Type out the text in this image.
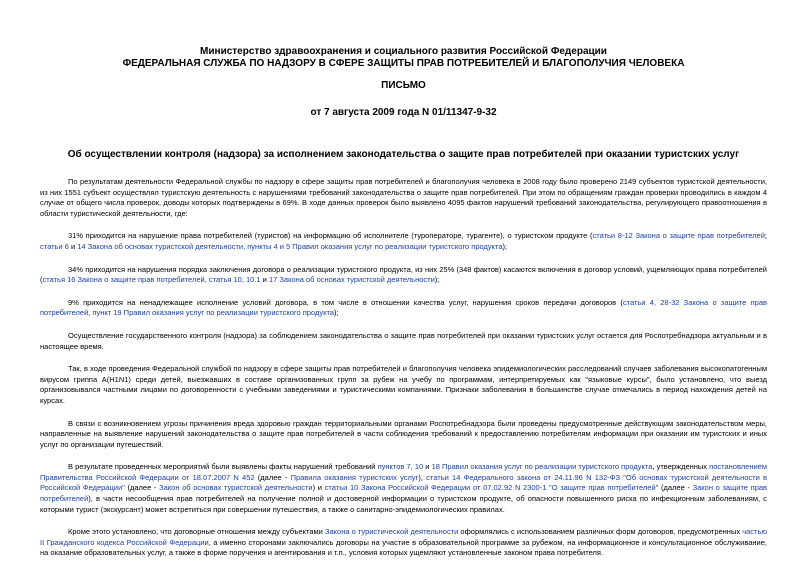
Министерство здравоохранения и социального развития Российской Федерации
ФЕДЕРАЛЬНАЯ СЛУЖБА ПО НАДЗОРУ В СФЕРЕ ЗАЩИТЫ ПРАВ ПОТРЕБИТЕЛЕЙ И БЛАГОПОЛУЧИЯ ЧЕЛОВЕКА
ПИСЬМО
от 7 августа 2009 года N 01/11347-9-32
Об осуществлении контроля (надзора) за исполнением законодательства о защите прав потребителей при оказании туристских услуг

По результатам деятельности Федеральной службы по надзору в сфере защиты прав потребителей и благополучия человека в 2008 году было проверено 2149 субъектов туристской деятельности, из них 1551 субъект осуществлял туристскую деятельность с нарушениями требований законодательства о защите прав потребителей. При этом по обращениям граждан проверки проводились в каждом 4 случае от общего числа проверок, доводы которых подтверждены в 69%. В ходе данных проверок было выявлено 4095 фактов нарушений требований законодательства, регулирующего правоотношения в области туристической деятельности, где:

31% приходится на нарушение права потребителей (туристов) на информацию об исполнителе (туроператоре, турагенте), о туристском продукте (статьи 8-12 Закона о защите прав потребителей; статьи 6 и 14 Закона об основах туристской деятельности, пункты 4 и 5 Правил оказания услуг по реализации туристского продукта);

34% приходится на нарушения порядка заключения договора о реализации туристского продукта, из них 25% (348 фактов) касаются включения в договор условий, ущемляющих права потребителей (статья 16 Закона о защите прав потребителей, статья 10, 10.1 и 17 Закона об основах туристской деятельности);

9% приходится на ненадлежащее исполнение условий договора, в том числе в отношении качества услуг, нарушения сроков передачи договоров (статьи 4, 28-32 Закона о защите прав потребителей, пункт 19 Правил оказания услуг по реализации туристского продукта);

Осуществление государственного контроля (надзора) за соблюдением законодательства о защите прав потребителей при оказании туристских услуг остается для Роспотребнадзора актуальным и в настоящее время.

Так, в ходе проведения Федеральной службой по надзору в сфере защиты прав потребителей и благополучия человека эпидемиологических расследований случаев заболевания высокопатогенным вирусом гриппа А(H1N1) среди детей, выезжавших в составе организованных групп за рубеж на учебу по программам, интерпретируемых как "языковые курсы", было установлено, что выезд организовывался частными лицами по договоренности с учебными заведениями и туристическими компаниями. Признаки заболевания в большинстве случае отмечались в период нахождения детей на курсах.

В связи с возникновением угрозы причинения вреда здоровью граждан территориальными органами Роспотребнадзора были проведены предусмотренные действующим законодательством меры, направленные на выявление нарушений законодательства о защите прав потребителей в части соблюдения требований к предоставлению потребителям информации при оказании им туристских и иных услуг по организации путешествий.

В результате проведенных мероприятий были выявлены факты нарушений требований пунктов 7, 10 и 18 Правил оказания услуг по реализации туристского продукта, утвержденных постановлением Правительства Российской Федерации от 18.07.2007 N 452 (далее - Правила оказания туристских услуг), статьи 14 Федерального закона от 24.11.96 N 132-ФЗ "Об основах туристской деятельности в Российской Федерации" (далее - Закон об основах туристской деятельности) и статьи 10 Закона Российской Федерации от 07.02.92 N 2300-1 "О защите прав потребителей" (далее - Закон о защите прав потребителей), в части несообщения прав потребителей на получение полной и достоверной информации о туристском продукте, об опасности повышенного риска по инфекционным заболеваниям, с которыми турист (экскурсант) может встретиться при совершении путешествия, а также о санитарно-эпидемиологических правилах.

Кроме этого установлено, что договорные отношения между субъектами Закона о туристической деятельности оформлялись с использованием различных форм договоров, предусмотренных частью II Гражданского кодекса Российской Федерации, а именно сторонами заключались договоры на участие в образовательной программе за рубежом, на информационное и консультационное обслуживание, на оказание образовательных услуг, а также в форме поручения и агентирования и т.п., условия которых ущемляют установленные законом права потребителя.
